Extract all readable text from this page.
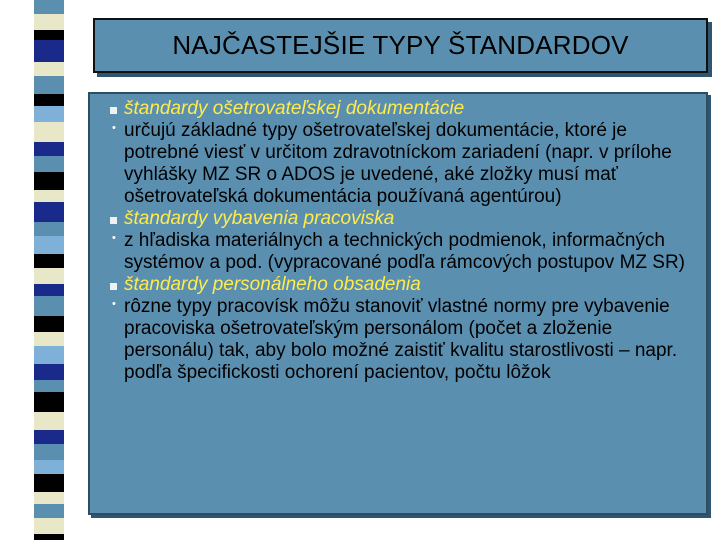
NAJČASTEJŠIE TYPY ŠTANDARDOV
štandardy ošetrovateľskej dokumentácie
• určujú základné typy ošetrovateľskej dokumentácie, ktoré je potrebné viesť v určitom zdravotníckom zariadení (napr. v prílohe vyhlášky MZ SR o ADOS je uvedené, aké zložky musí mať ošetrovateľská dokumentácia používaná agentúrou)
štandardy vybavenia pracoviska
• z hľadiska materiálnych a technických podmienok, informačných systémov a pod. (vypracované podľa rámcových postupov MZ SR)
štandardy personálneho obsadenia
• rôzne typy pracovísk môžu stanoviť vlastné normy pre vybavenie pracoviska ošetrovateľským personálom (počet a zloženie personálu) tak, aby bolo možné zaistiť kvalitu starostlivosti – napr. podľa špecifickosti ochorení pacientov, počtu lôžok
